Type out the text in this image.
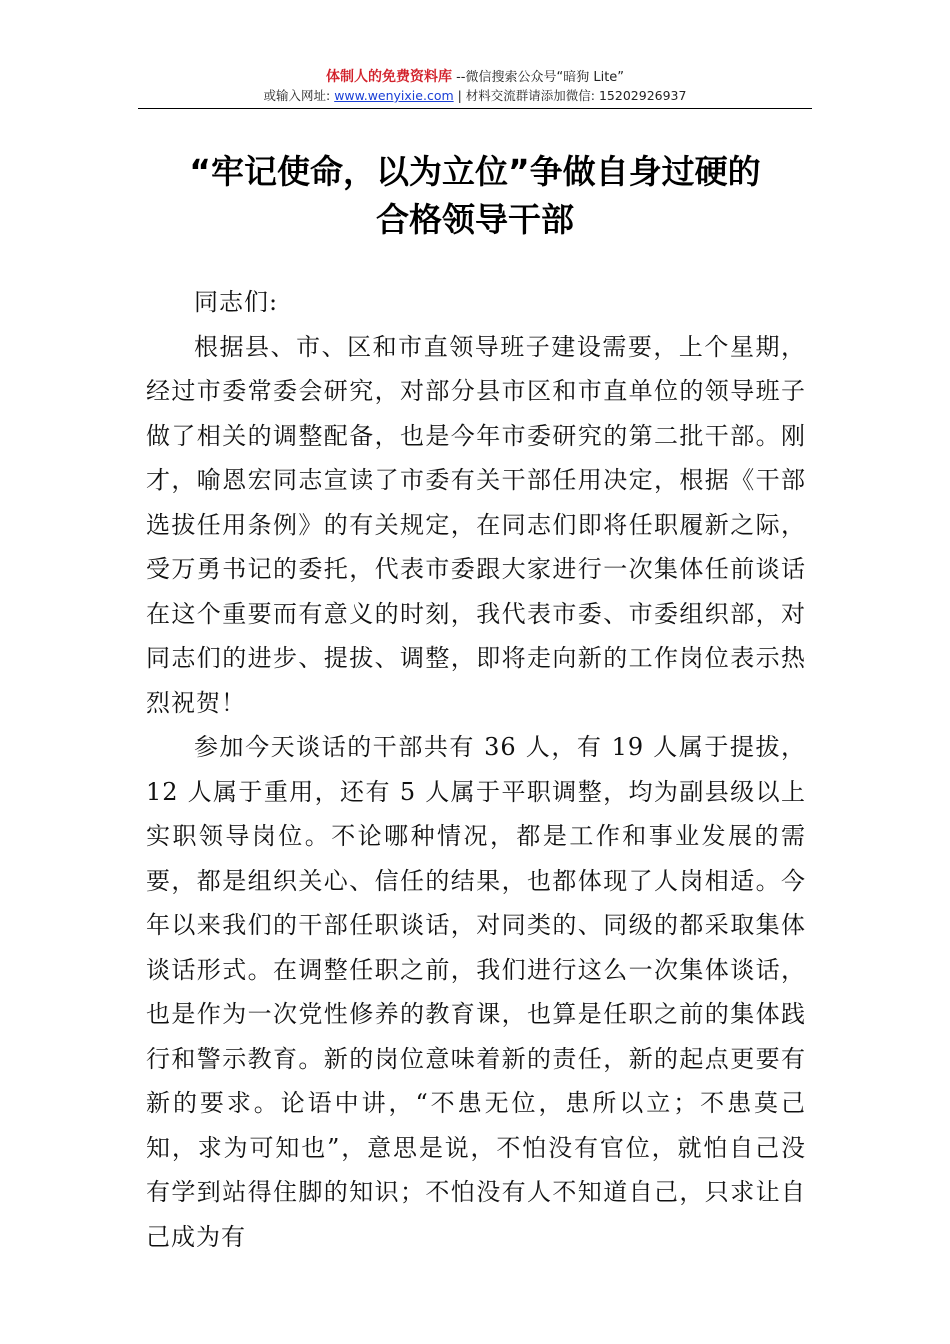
体制人的免费资料库 --微信搜索公众号“暗狗 Lite”
或输入网址: www.wenyixie.com | 材料交流群请添加微信: 15202926937
“牢记使命，以为立位”争做自身过硬的
合格领导干部

同志们:

根据县、市、区和市直领导班子建设需要，上个星期，经过市委常委会研究，对部分县市区和市直单位的领导班子做了相关的调整配备，也是今年市委研究的第二批干部。刚才，喻恩宏同志宣读了市委有关干部任用决定，根据《干部选拔任用条例》的有关规定，在同志们即将任职履新之际，受万勇书记的委托，代表市委跟大家进行一次集体任前谈话在这个重要而有意义的时刻，我代表市委、市委组织部，对同志们的进步、提拔、调整，即将走向新的工作岗位表示热烈祝贺！

参加今天谈话的干部共有 36 人，有 19 人属于提拔，12 人属于重用，还有 5 人属于平职调整，均为副县级以上实职领导岗位。不论哪种情况，都是工作和事业发展的需要，都是组织关心、信任的结果，也都体现了人岗相适。今年以来我们的干部任职谈话，对同类的、同级的都采取集体谈话形式。在调整任职之前，我们进行这么一次集体谈话，也是作为一次党性修养的教育课，也算是任职之前的集体践行和警示教育。新的岗位意味着新的责任，新的起点更要有新的要求。论语中讲，“不患无位，患所以立；不患莫己知，求为可知也”，意思是说，不怕没有官位，就怕自己没有学到站得住脚的知识；不怕没有人不知道自己，只求让自己成为有
